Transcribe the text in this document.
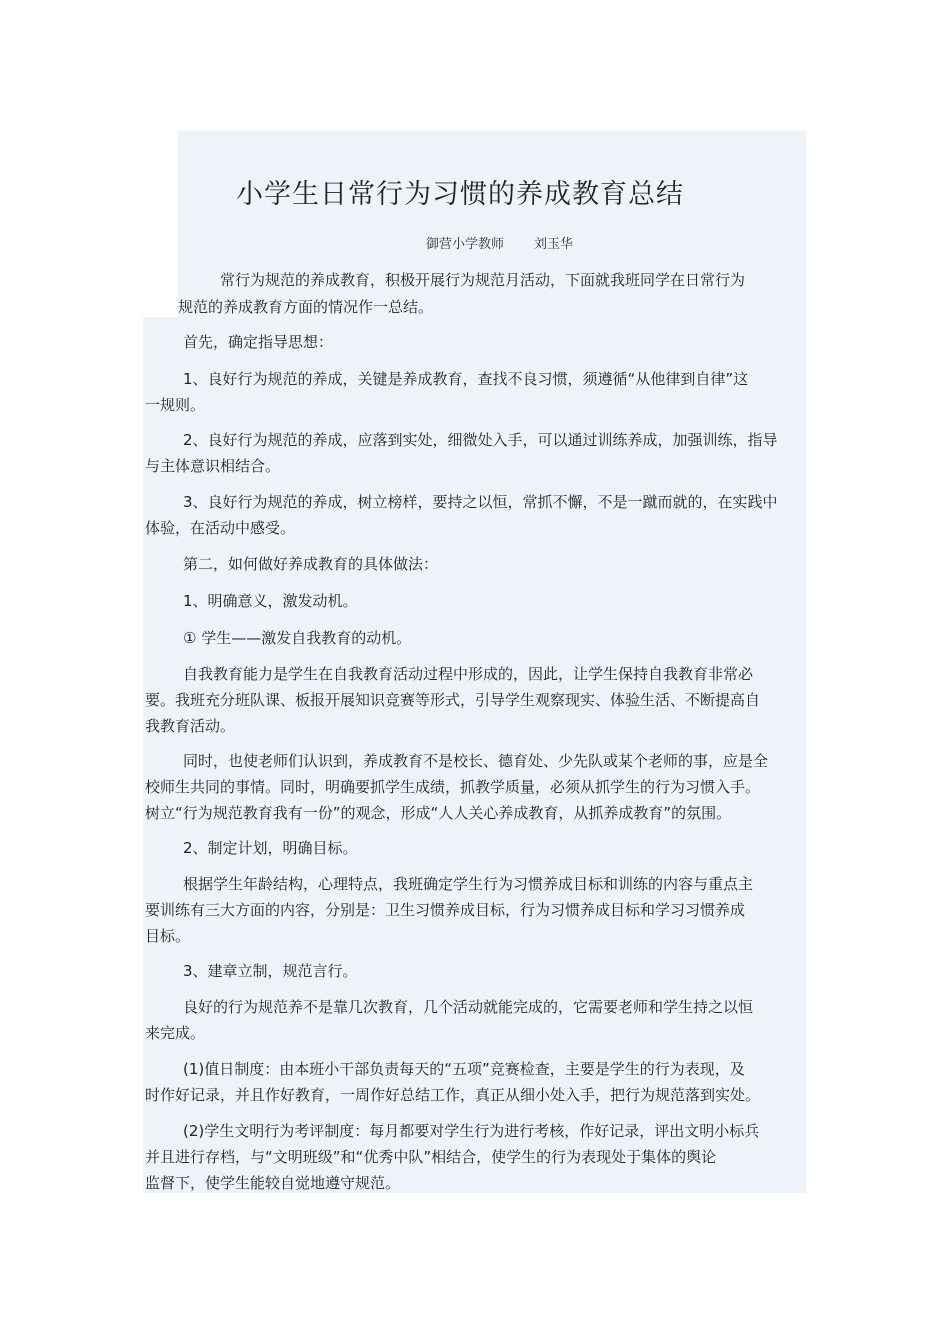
小学生日常行为习惯的养成教育总结
御营小学教师 刘玉华
常行为规范的养成教育，积极开展行为规范月活动，下面就我班同学在日常行为
规范的养成教育方面的情况作一总结。
首先，确定指导思想：
1、良好行为规范的养成，关键是养成教育，查找不良习惯，须遵循“从他律到自律”这
一规则。
2、良好行为规范的养成，应落到实处，细微处入手，可以通过训练养成，加强训练，指导
与主体意识相结合。
3、良好行为规范的养成，树立榜样，要持之以恒，常抓不懈，不是一蹴而就的，在实践中
体验，在活动中感受。
第二，如何做好养成教育的具体做法：
1、明确意义，激发动机。
① 学生——激发自我教育的动机。
自我教育能力是学生在自我教育活动过程中形成的，因此，让学生保持自我教育非常必
要。我班充分班队课、板报开展知识竞赛等形式，引导学生观察现实、体验生活、不断提高自
我教育活动。
同时，也使老师们认识到，养成教育不是校长、德育处、少先队或某个老师的事，应是全
校师生共同的事情。同时，明确要抓学生成绩，抓教学质量，必须从抓学生的行为习惯入手。
树立“行为规范教育我有一份”的观念，形成“人人关心养成教育，从抓养成教育”的氛围。
2、制定计划，明确目标。
根据学生年龄结构，心理特点，我班确定学生行为习惯养成目标和训练的内容与重点主
要训练有三大方面的内容，分别是：卫生习惯养成目标，行为习惯养成目标和学习习惯养成
目标。
3、建章立制，规范言行。
良好的行为规范养不是靠几次教育，几个活动就能完成的，它需要老师和学生持之以恒
来完成。
(1)值日制度：由本班小干部负责每天的“五项”竞赛检查，主要是学生的行为表现，及
时作好记录，并且作好教育，一周作好总结工作，真正从细小处入手，把行为规范落到实处。
(2)学生文明行为考评制度：每月都要对学生行为进行考核，作好记录，评出文明小标兵
并且进行存档，与“文明班级”和“优秀中队”相结合，使学生的行为表现处于集体的舆论
监督下，使学生能较自觉地遵守规范。
